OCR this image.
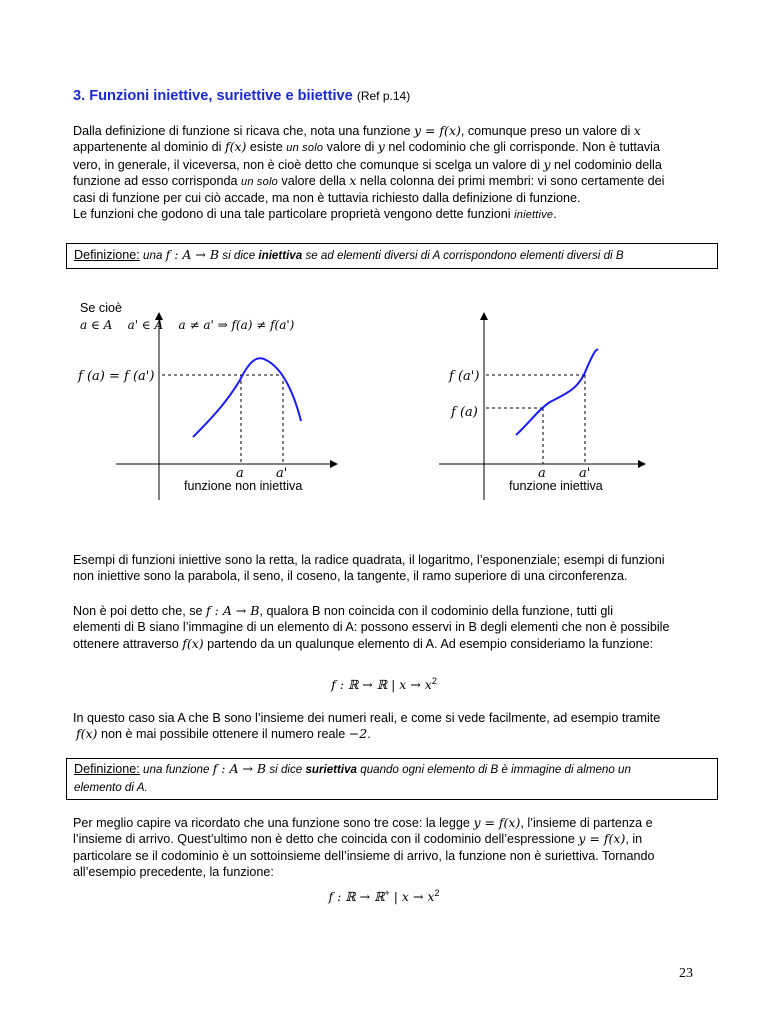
3. Funzioni iniettive, suriettive e biiettive (Ref p.14)
Dalla definizione di funzione si ricava che, nota una funzione y = f(x), comunque preso un valore di x
appartenente al dominio di f(x) esiste un solo valore di y nel codominio che gli corrisponde. Non è tuttavia
vero, in generale, il viceversa, non è cioè detto che comunque si scelga un valore di y nel codominio della
funzione ad esso corrisponda un solo valore della x nella colonna dei primi membri: vi sono certamente dei
casi di funzione per cui ciò accade, ma non è tuttavia richiesto dalla definizione di funzione.
Le funzioni che godono di una tale particolare proprietà vengono dette funzioni iniettive.
Definizione: una f : A → B si dice iniettiva se ad elementi diversi di A corrispondono elementi diversi di B

Se cioè
a ∈ A    a' ∈ A    a ≠ a' ⇒ f(a) ≠ f(a')

f (a) = f (a')
a a'
funzione non iniettiva
f (a')
f (a)
a	a'
funzione iniettiva
Esempi di funzioni iniettive sono la retta, la radice quadrata, il logaritmo, l’esponenziale; esempi di funzioni
non iniettive sono la parabola, il seno, il coseno, la tangente, il ramo superiore di una circonferenza.
Non è poi detto che, se f : A → B, qualora B non coincida con il codominio della funzione, tutti gli
elementi di B siano l’immagine di un elemento di A: possono esservi in B degli elementi che non è possibile
ottenere attraverso f(x) partendo da un qualunque elemento di A. Ad esempio consideriamo la funzione:
f : ℝ → ℝ | $x \to x^2$
In questo caso sia A che B sono l’insieme dei numeri reali, e come si vede facilmente, ad esempio tramite
f(x) non è mai possibile ottenere il numero reale −2.
Definizione: una funzione f : A → B si dice suriettiva quando ogni elemento di B è immagine di almeno un
elemento di A.
Per meglio capire va ricordato che una funzione sono tre cose: la legge y = f(x), l’insieme di partenza e
l’insieme di arrivo. Quest’ultimo non è detto che coincida con il codominio dell’espressione y = f(x), in
particolare se il codominio è un sottoinsieme dell’insieme di arrivo, la funzione non è suriettiva. Tornando
all’esempio precedente, la funzione:
f : ℝ → ℝ+ | $x \to x^2$
23
